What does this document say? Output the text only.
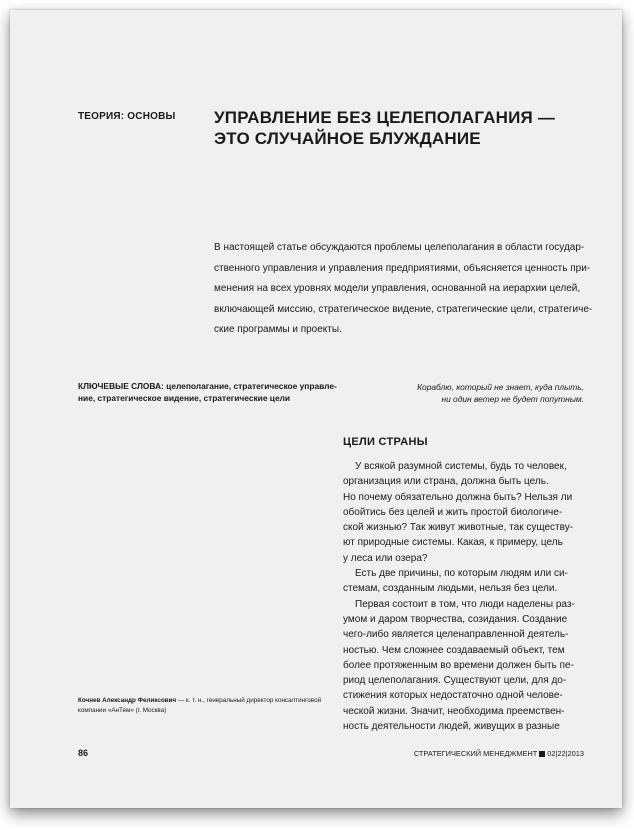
ТЕОРИЯ: ОСНОВЫ УПРАВЛЕНИЕ БЕЗ ЦЕЛЕПОЛАГАНИЯ —
ЭТО СЛУЧАЙНОЕ БЛУЖДАНИЕ
В настоящей статье обсуждаются проблемы целеполагания в области государ-
ственного управления и управления предприятиями, объясняется ценность при-
менения на всех уровнях модели управления, основанной на иерархии целей,
включающей миссию, стратегическое видение, стратегические цели, стратегиче-
ские программы и проекты.
КЛЮЧЕВЫЕ СЛОВА: целеполагание, стратегическое управле-
ние, стратегическое видение, стратегические цели
Кораблю, который не знает, куда плыть,
ни один ветер не будет попутным.
ЦЕЛИ СТРАНЫ
У всякой разумной системы, будь то человек,
организация или страна, должна быть цель.
Но почему обязательно должна быть? Нельзя ли
обойтись без целей и жить простой биологиче-
ской жизнью? Так живут животные, так существу-
ют природные системы. Какая, к примеру, цель
у леса или озера?
Есть две причины, по которым людям или си-
стемам, созданным людьми, нельзя без цели.
Первая состоит в том, что люди наделены раз-
умом и даром творчества, созидания. Создание
чего-либо является целенаправленной деятель-
ностью. Чем сложнее создаваемый объект, тем
более протяженным во времени должен быть пе-
риод целеполагания. Существуют цели, для до-
стижения которых недостаточно одной челове-
ческой жизни. Значит, необходима преемствен-
ность деятельности людей, живущих в разные
Кочнев Александр Феликсович — к. т. н., генеральный директор консалтинговой
компании «АнТем» (г. Москва)
86	СТРАТЕГИЧЕСКИЙ МЕНЕДЖМЕНТ 02|22|2013
